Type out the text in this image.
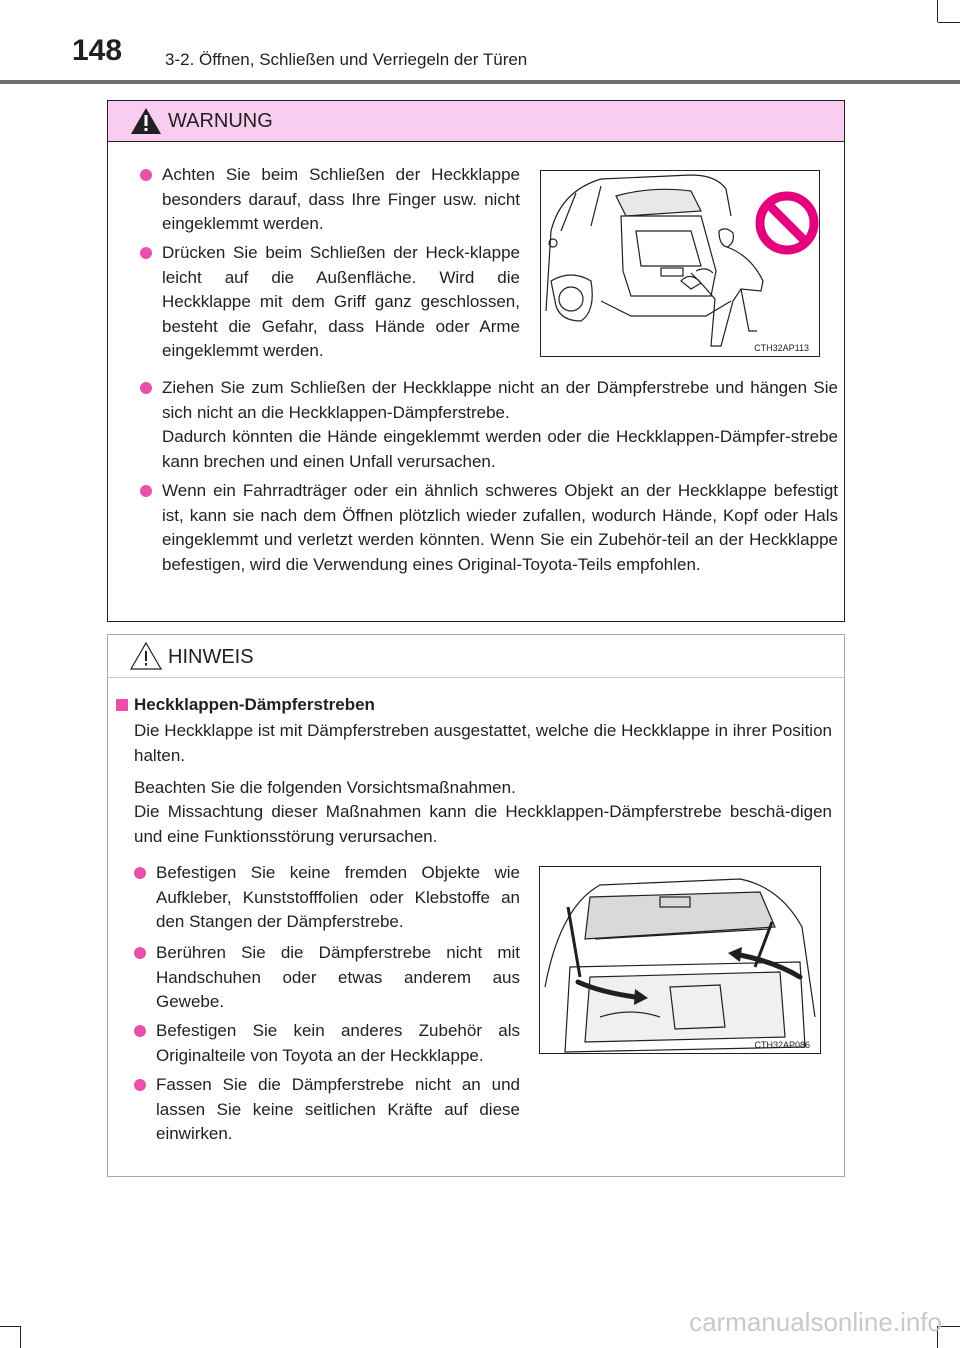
148	3-2. Öffnen, Schließen und Verriegeln der Türen
WARNUNG
Achten Sie beim Schließen der Heckklappe besonders darauf, dass Ihre Finger usw. nicht eingeklemmt werden.
Drücken Sie beim Schließen der Heck-klappe leicht auf die Außenfläche. Wird die Heckklappe mit dem Griff ganz geschlossen, besteht die Gefahr, dass Hände oder Arme eingeklemmt werden.	CTH32AP113
Ziehen Sie zum Schließen der Heckklappe nicht an der Dämpferstrebe und hängen Sie sich nicht an die Heckklappen-Dämpferstrebe.
Dadurch könnten die Hände eingeklemmt werden oder die Heckklappen-Dämpfer-strebe kann brechen und einen Unfall verursachen.
Wenn ein Fahrradträger oder ein ähnlich schweres Objekt an der Heckklappe befestigt ist, kann sie nach dem Öffnen plötzlich wieder zufallen, wodurch Hände, Kopf oder Hals eingeklemmt und verletzt werden könnten. Wenn Sie ein Zubehör-teil an der Heckklappe befestigen, wird die Verwendung eines Original-Toyota-Teils empfohlen.
HINWEIS
Heckklappen-Dämpferstreben
Die Heckklappe ist mit Dämpferstreben ausgestattet, welche die Heckklappe in ihrer Position halten.
Beachten Sie die folgenden Vorsichtsmaßnahmen.
Die Missachtung dieser Maßnahmen kann die Heckklappen-Dämpferstrebe beschä-digen und eine Funktionsstörung verursachen.
Befestigen Sie keine fremden Objekte wie Aufkleber, Kunststofffolien oder Klebstoffe an den Stangen der Dämpferstrebe.
Berühren Sie die Dämpferstrebe nicht mit Handschuhen oder etwas anderem aus Gewebe.
Befestigen Sie kein anderes Zubehör als Originalteile von Toyota an der Heckklappe.
Fassen Sie die Dämpferstrebe nicht an und lassen Sie keine seitlichen Kräfte auf diese einwirken.
CTH32AP086
carmanualsonline.info
